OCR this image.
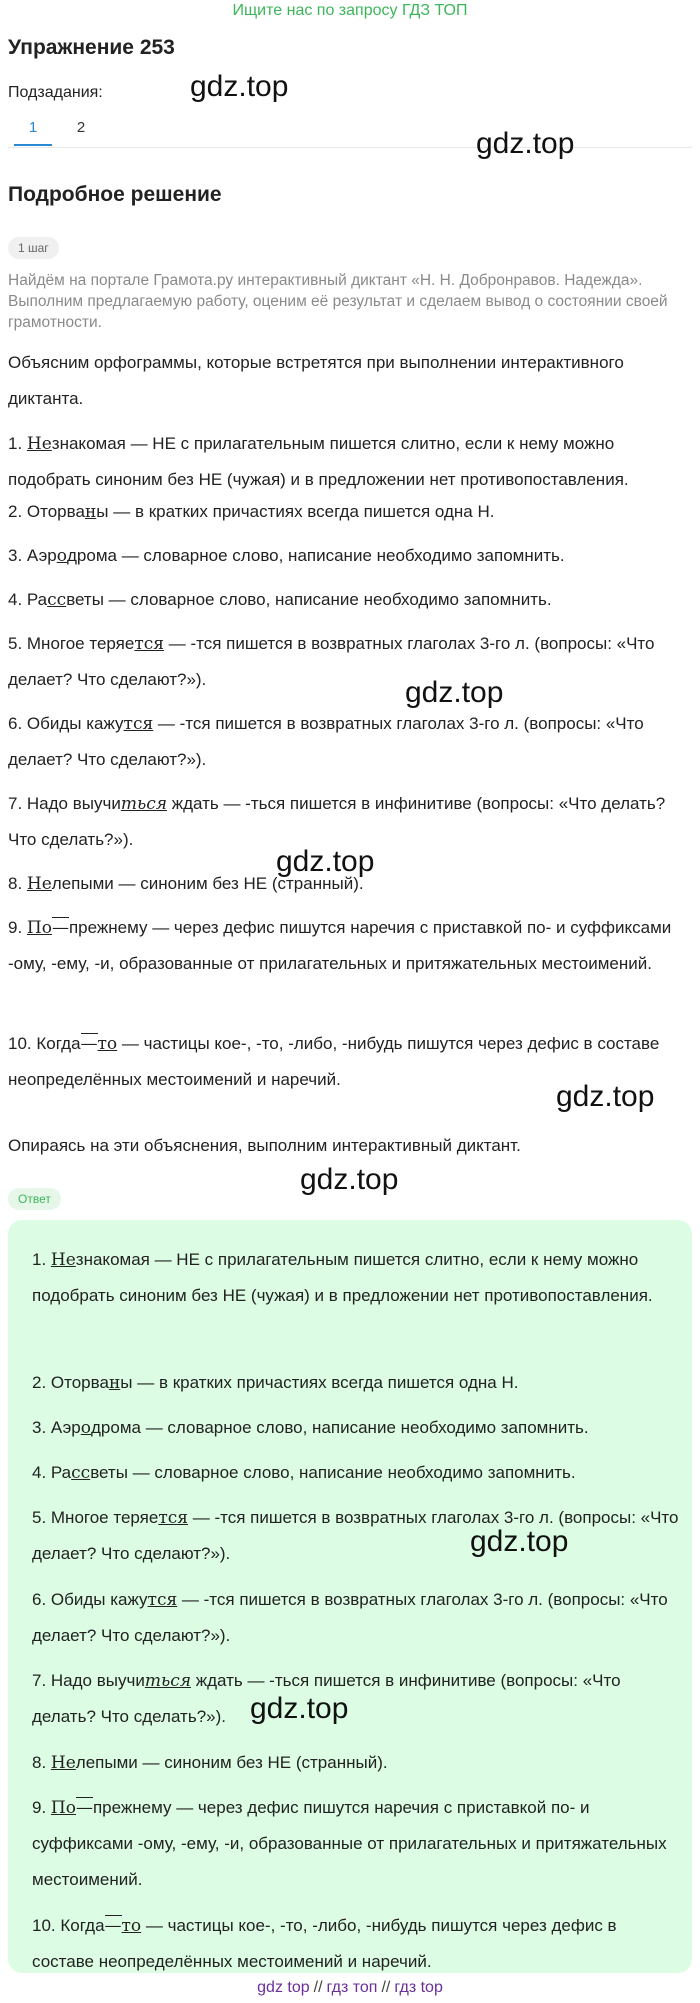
Ищите нас по запросу ГДЗ ТОП
Упражнение 253
Подзадания:
1	2
Подробное решение
1 шаг
Найдём на портале Грамота.ру интерактивный диктант «Н. Н. Добронравов. Надежда». Выполним предлагаемую работу, оценим её результат и сделаем вывод о состоянии своей грамотности.
Объясним орфограммы, которые встретятся при выполнении интерактивного диктанта.
1. Незнакомая — НЕ с прилагательным пишется слитно, если к нему можно подобрать синоним без НЕ (чужая) и в предложении нет противопоставления.
2. Оторваны — в кратких причастиях всегда пишется одна Н.
3. Аэродрома — словарное слово, написание необходимо запомнить.
4. Рассветы — словарное слово, написание необходимо запомнить.
5. Многое теряется — -тся пишется в возвратных глаголах 3-го л. (вопросы: «Что делает? Что сделают?»).
6. Обиды кажутся — -тся пишется в возвратных глаголах 3-го л. (вопросы: «Что делает? Что сделают?»).
7. Надо выучиться ждать — -ться пишется в инфинитиве (вопросы: «Что делать? Что сделать?»).
8. Нелепыми — синоним без НЕ (странный).
9. По—прежнему — через дефис пишутся наречия с приставкой по- и суффиксами -ому, -ему, -и, образованные от прилагательных и притяжательных местоимений.
10. Когда—то — частицы кое-, -то, -либо, -нибудь пишутся через дефис в составе неопределённых местоимений и наречий.
Опираясь на эти объяснения, выполним интерактивный диктант.
Ответ
1. Незнакомая — НЕ с прилагательным пишется слитно, если к нему можно подобрать синоним без НЕ (чужая) и в предложении нет противопоставления.
2. Оторваны — в кратких причастиях всегда пишется одна Н.
3. Аэродрома — словарное слово, написание необходимо запомнить.
4. Рассветы — словарное слово, написание необходимо запомнить.
5. Многое теряется — -тся пишется в возвратных глаголах 3-го л. (вопросы: «Что делает? Что сделают?»).
6. Обиды кажутся — -тся пишется в возвратных глаголах 3-го л. (вопросы: «Что делает? Что сделают?»).
7. Надо выучиться ждать — -ться пишется в инфинитиве (вопросы: «Что делать? Что сделать?»).
8. Нелепыми — синоним без НЕ (странный).
9. По—прежнему — через дефис пишутся наречия с приставкой по- и суффиксами -ому, -ему, -и, образованные от прилагательных и притяжательных местоимений.
10. Когда—то — частицы кое-, -то, -либо, -нибудь пишутся через дефис в составе неопределённых местоимений и наречий.
gdz.top
gdz.top
gdz.top
gdz.top
gdz.top
gdz.top
gdz.top
gdz.top
gdz top // гдз топ // гдз top
